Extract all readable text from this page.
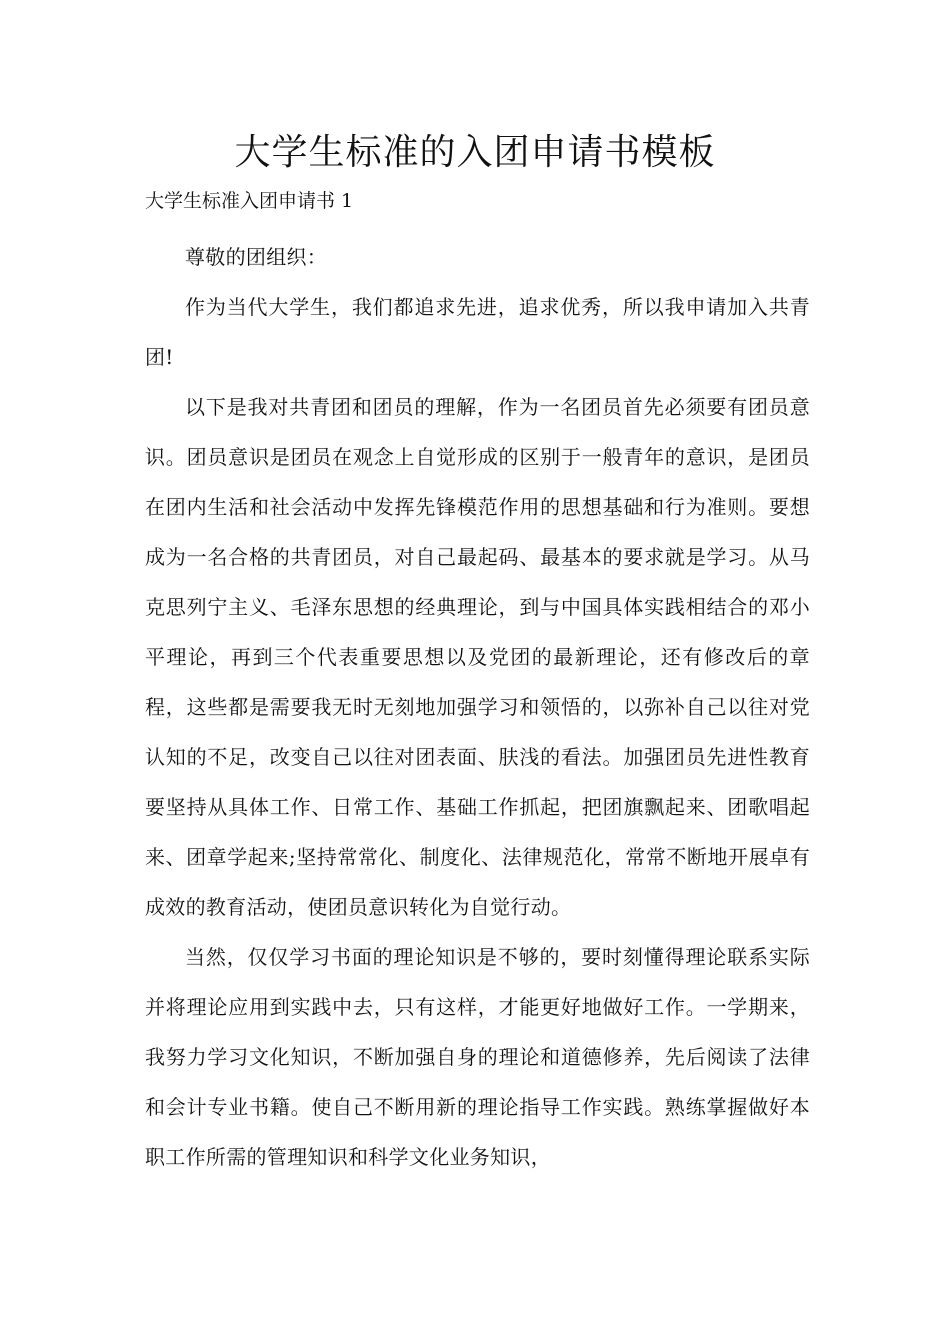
大学生标准的入团申请书模板

大学生标准入团申请书 1

尊敬的团组织：

作为当代大学生，我们都追求先进，追求优秀，所以我申请加入共青团!

以下是我对共青团和团员的理解，作为一名团员首先必须要有团员意识。团员意识是团员在观念上自觉形成的区别于一般青年的意识，是团员在团内生活和社会活动中发挥先锋模范作用的思想基础和行为准则。要想成为一名合格的共青团员，对自己最起码、最基本的要求就是学习。从马克思列宁主义、毛泽东思想的经典理论，到与中国具体实践相结合的邓小平理论，再到三个代表重要思想以及党团的最新理论，还有修改后的章程，这些都是需要我无时无刻地加强学习和领悟的，以弥补自己以往对党认知的不足，改变自己以往对团表面、肤浅的看法。加强团员先进性教育要坚持从具体工作、日常工作、基础工作抓起，把团旗飘起来、团歌唱起来、团章学起来;坚持常常化、制度化、法律规范化，常常不断地开展卓有成效的教育活动，使团员意识转化为自觉行动。

当然，仅仅学习书面的理论知识是不够的，要时刻懂得理论联系实际并将理论应用到实践中去，只有这样，才能更好地做好工作。一学期来，我努力学习文化知识，不断加强自身的理论和道德修养，先后阅读了法律和会计专业书籍。使自己不断用新的理论指导工作实践。熟练掌握做好本职工作所需的管理知识和科学文化业务知识，
